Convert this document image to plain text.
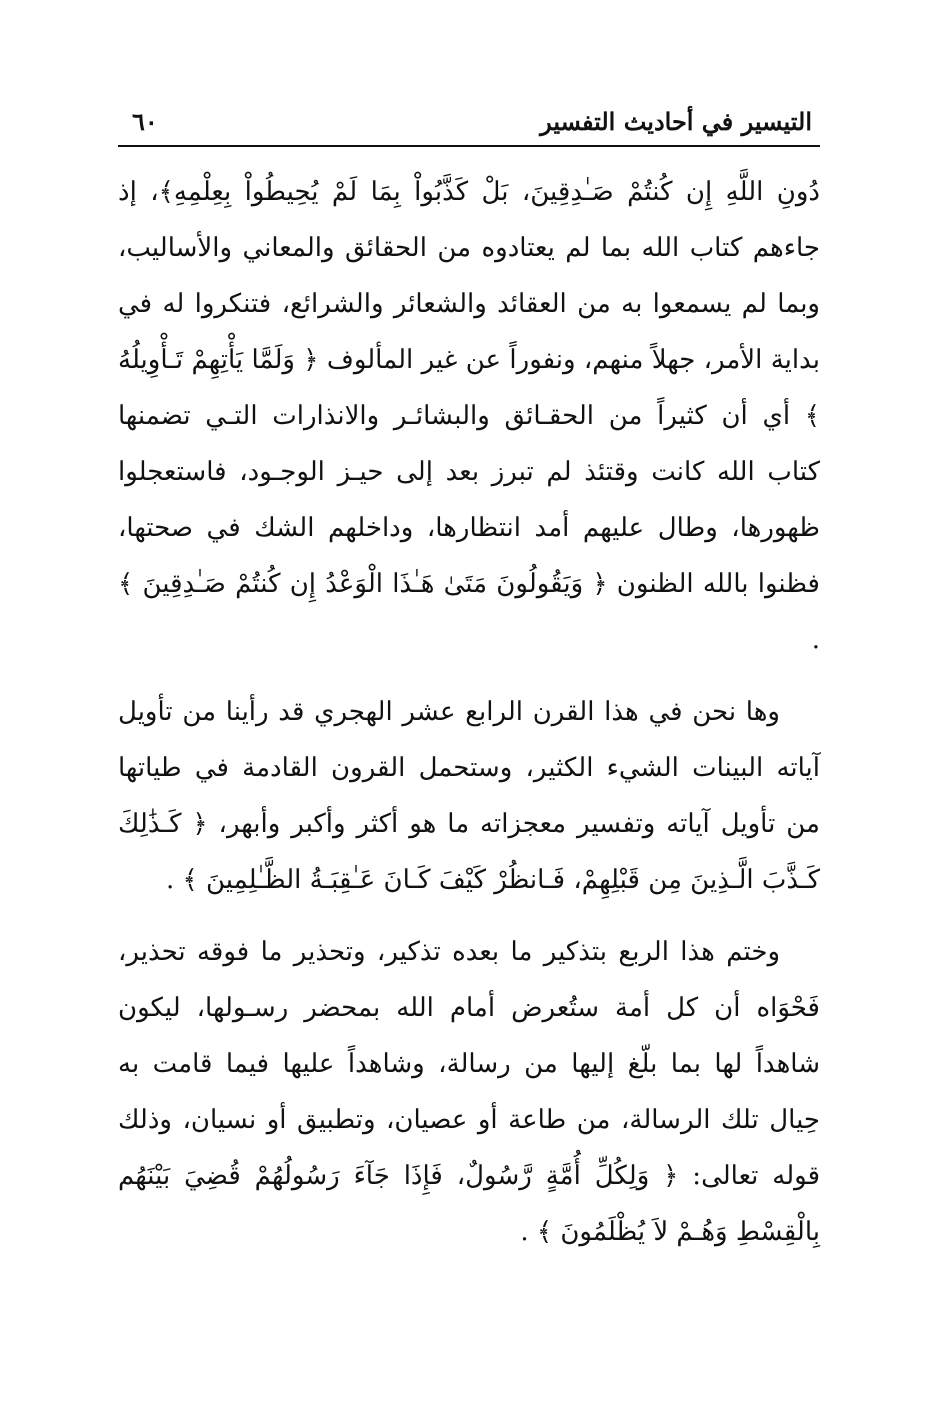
التيسير في أحاديث التفسير
٦٠

دُونِ اللَّهِ إِن كُنتُمْ صَـٰدِقِينَ، بَلْ كَذَّبُواْ بِمَا لَمْ يُحِيطُواْ بِعِلْمِهِ﴾، إذ جاءهم كتاب الله بما لم يعتادوه من الحقائق والمعاني والأساليب، وبما لم يسمعوا به من العقائد والشعائر والشرائع، فتنكروا له في بداية الأمر، جهلاً منهم، ونفوراً عن غير المألوف ﴿ وَلَمَّا يَأْتِهِمْ تَـأْوِيلُهُ ﴾ أي أن كثيراً من الحقـائق والبشائـر والانذارات التـي تضمنها كتاب الله كانت وقتئذ لم تبرز بعد إلى حيـز الوجـود، فاستعجلوا ظهورها، وطال عليهم أمد انتظارها، وداخلهم الشك في صحتها، فظنوا بالله الظنون ﴿ وَيَقُولُونَ مَتَىٰ هَـٰذَا الْوَعْدُ إِن كُنتُمْ صَـٰدِقِينَ ﴾ .

وها نحن في هذا القرن الرابع عشر الهجري قد رأينا من تأويل آياته البينات الشيء الكثير، وستحمل القرون القادمة في طياتها من تأويل آياته وتفسير معجزاته ما هو أكثر وأكبر وأبهر، ﴿ كَـذَٰلِكَ كَـذَّبَ الَّـذِينَ مِن قَبْلِهِمْ، فَـانظُرْ كَيْفَ كَـانَ عَـٰقِبَـةُ الظَّـٰلِمِينَ ﴾ .

وختم هذا الربع بتذكير ما بعده تذكير، وتحذير ما فوقه تحذير، فَحْوَاه أن كل أمة ستُعرض أمام الله بمحضر رسـولها، ليكون شاهداً لها بما بلّغ إليها من رسالة، وشاهداً عليها فيما قامت به حِيال تلك الرسالة، من طاعة أو عصيان، وتطبيق أو نسيان، وذلك قوله تعالى: ﴿ وَلِكُلِّ أُمَّةٍ رَّسُولٌ، فَإِذَا جَآءَ رَسُولُهُمْ قُضِيَ بَيْنَهُم بِالْقِسْطِ وَهُـمْ لاَ يُظْلَمُونَ ﴾ .
